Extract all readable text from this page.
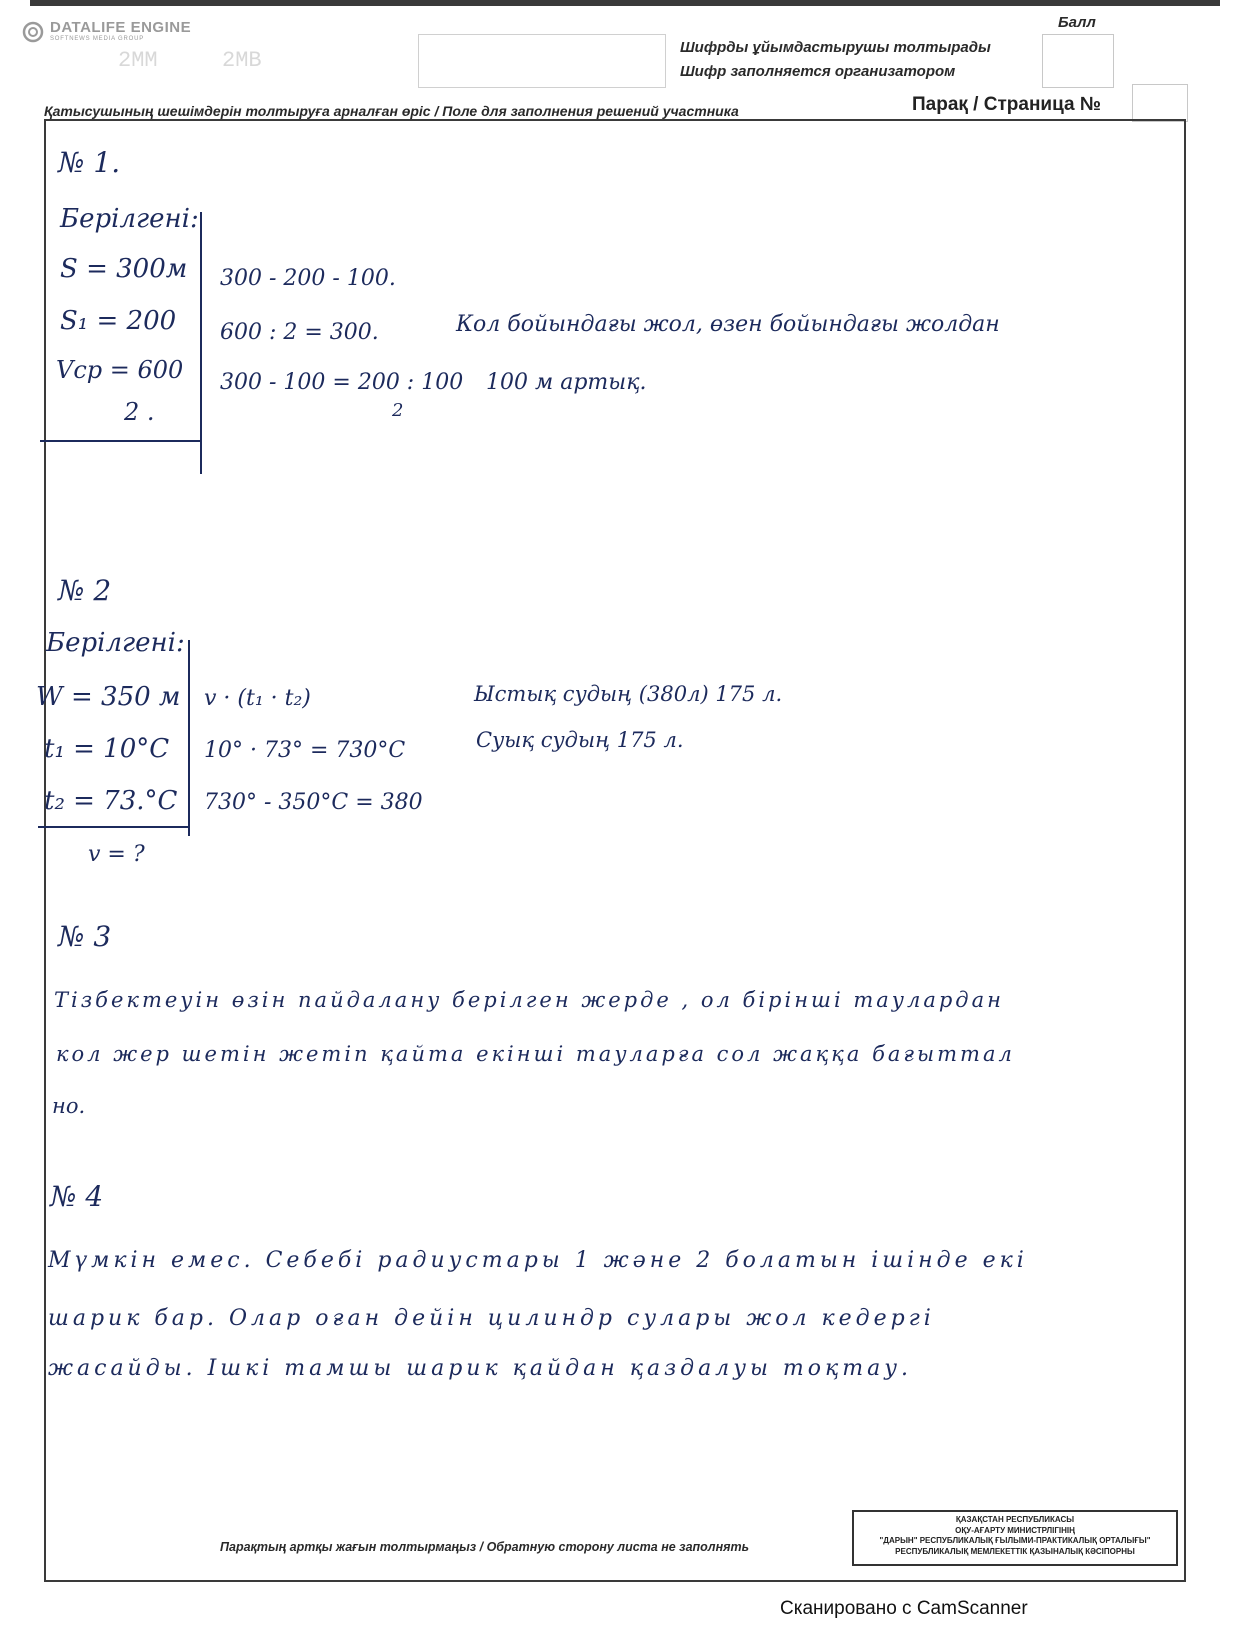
DATALIFE ENGINE
SOFTNEWS MEDIA GROUP
2MM	2MB
Шифрды ұйымдастырушы толтырады
Шифр заполняется организатором
Балл
Қатысушының шешімдерін толтыруға арналған өріс / Поле для заполнения решений участника	Парақ / Страница №
№ 1.
Берілгені:
S = 300м
S₁ = 200
Vср = 600
2 .
300 - 200 - 100.
600 : 2 = 300.
300 - 100 = 200 : 100
2
Кол бойындағы жол, өзен бойындағы жолдан
100 м артық.
№ 2
Берілгені:
W = 350 м
t₁ = 10°C
t₂ = 73.°C
v = ?
v · (t₁ · t₂)
10° · 73° = 730°C
730° - 350°C = 380
Ыстық судың (380л) 175 л.
Суық судың 175 л.
№ 3
Тізбектеуін өзін пайдалану берілген жерде , ол бірінші таулардан
кол жер шетін жетіп қайта екінші тауларға сол жаққа бағыттал
но.
№ 4
Мүмкін емес. Себебі радиустары 1 және 2 болатын ішінде екі
шарик бар. Олар оған дейін цилиндр сулары жол кедергі
жасайды. Ішкі тамшы шарик қайдан қаздалуы тоқтау.
Парақтың артқы жағын толтырмаңыз / Обратную сторону листа не заполнять
ҚАЗАҚСТАН РЕСПУБЛИКАСЫ
ОҚУ-АҒАРТУ МИНИСТРЛІГІНІҢ
"ДАРЫН" РЕСПУБЛИКАЛЫҚ ҒЫЛЫМИ-ПРАКТИКАЛЫҚ ОРТАЛЫҒЫ"
РЕСПУБЛИКАЛЫҚ МЕМЛЕКЕТТІК ҚАЗЫНАЛЫҚ КӘСІПОРНЫ
Сканировано с CamScanner
